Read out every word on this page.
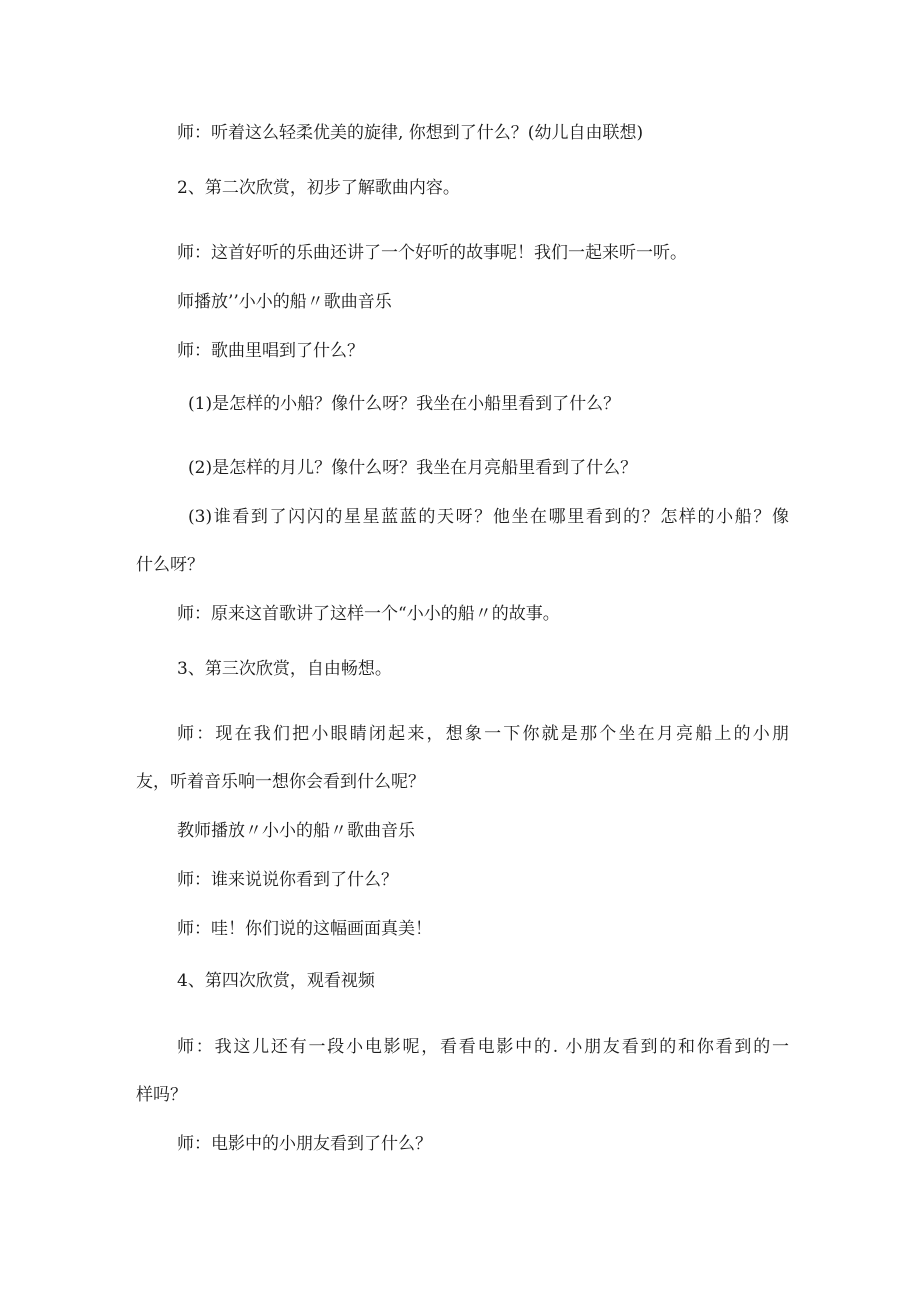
师：听着这么轻柔优美的旋律, 你想到了什么？(幼儿自由联想)

2、第二次欣赏，初步了解歌曲内容。

师：这首好听的乐曲还讲了一个好听的故事呢！我们一起来听一听。

师播放’’小小的船〃歌曲音乐

师：歌曲里唱到了什么？

(1)是怎样的小船？像什么呀？我坐在小船里看到了什么？

(2)是怎样的月儿？像什么呀？我坐在月亮船里看到了什么？

(3)谁看到了闪闪的星星蓝蓝的天呀？他坐在哪里看到的？怎样的小船？像

什么呀？

师：原来这首歌讲了这样一个“小小的船〃的故事。

3、第三次欣赏，自由畅想。

师：现在我们把小眼睛闭起来，想象一下你就是那个坐在月亮船上的小朋

友，听着音乐响一想你会看到什么呢？

教师播放〃小小的船〃歌曲音乐

师：谁来说说你看到了什么？

师：哇！你们说的这幅画面真美！

4、第四次欣赏，观看视频

师：我这儿还有一段小电影呢，看看电影中的. 小朋友看到的和你看到的一

样吗？

师：电影中的小朋友看到了什么？
